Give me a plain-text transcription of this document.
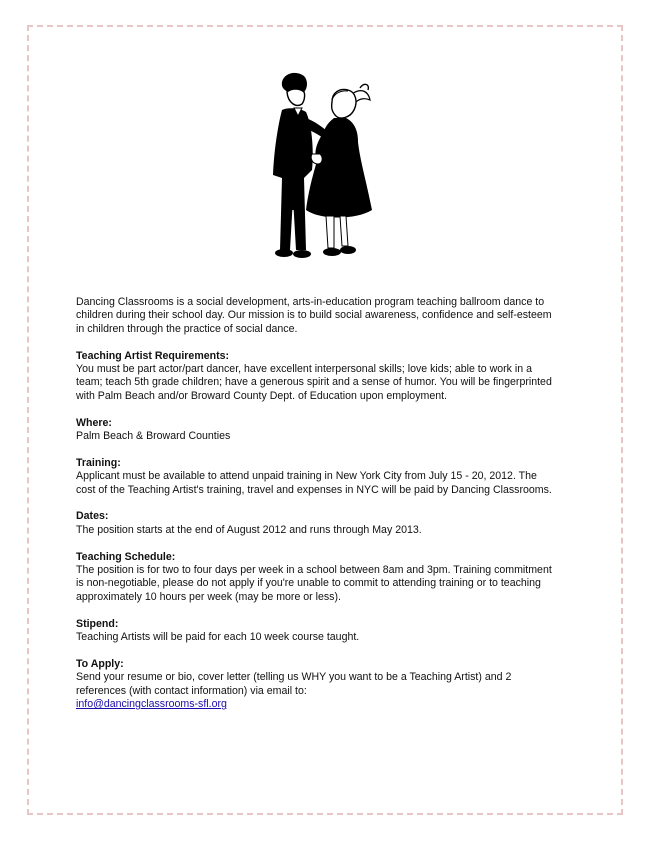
Dancing Classrooms is a social development, arts-in-education program teaching ballroom dance to children during their school day. Our mission is to build social awareness, confidence and self-esteem in children through the practice of social dance.

Teaching Artist Requirements:

You must be part actor/part dancer, have excellent interpersonal skills; love kids; able to work in a team; teach 5th grade children; have a generous spirit and a sense of humor. You will be fingerprinted with Palm Beach and/or Broward County Dept. of Education upon employment.

Where:

Palm Beach & Broward Counties

Training:

Applicant must be available to attend unpaid training in New York City from July 15 - 20, 2012. The cost of the Teaching Artist's training, travel and expenses in NYC will be paid by Dancing Classrooms.

Dates:

The position starts at the end of August 2012 and runs through May 2013.

Teaching Schedule:

The position is for two to four days per week in a school between 8am and 3pm. Training commitment is non-negotiable, please do not apply if you're unable to commit to attending training or to teaching approximately 10 hours per week (may be more or less).

Stipend:

Teaching Artists will be paid for each 10 week course taught.

To Apply:

Send your resume or bio, cover letter (telling us WHY you want to be a Teaching Artist) and 2 references (with contact information) via email to:

info@dancingclassrooms-sfl.org
